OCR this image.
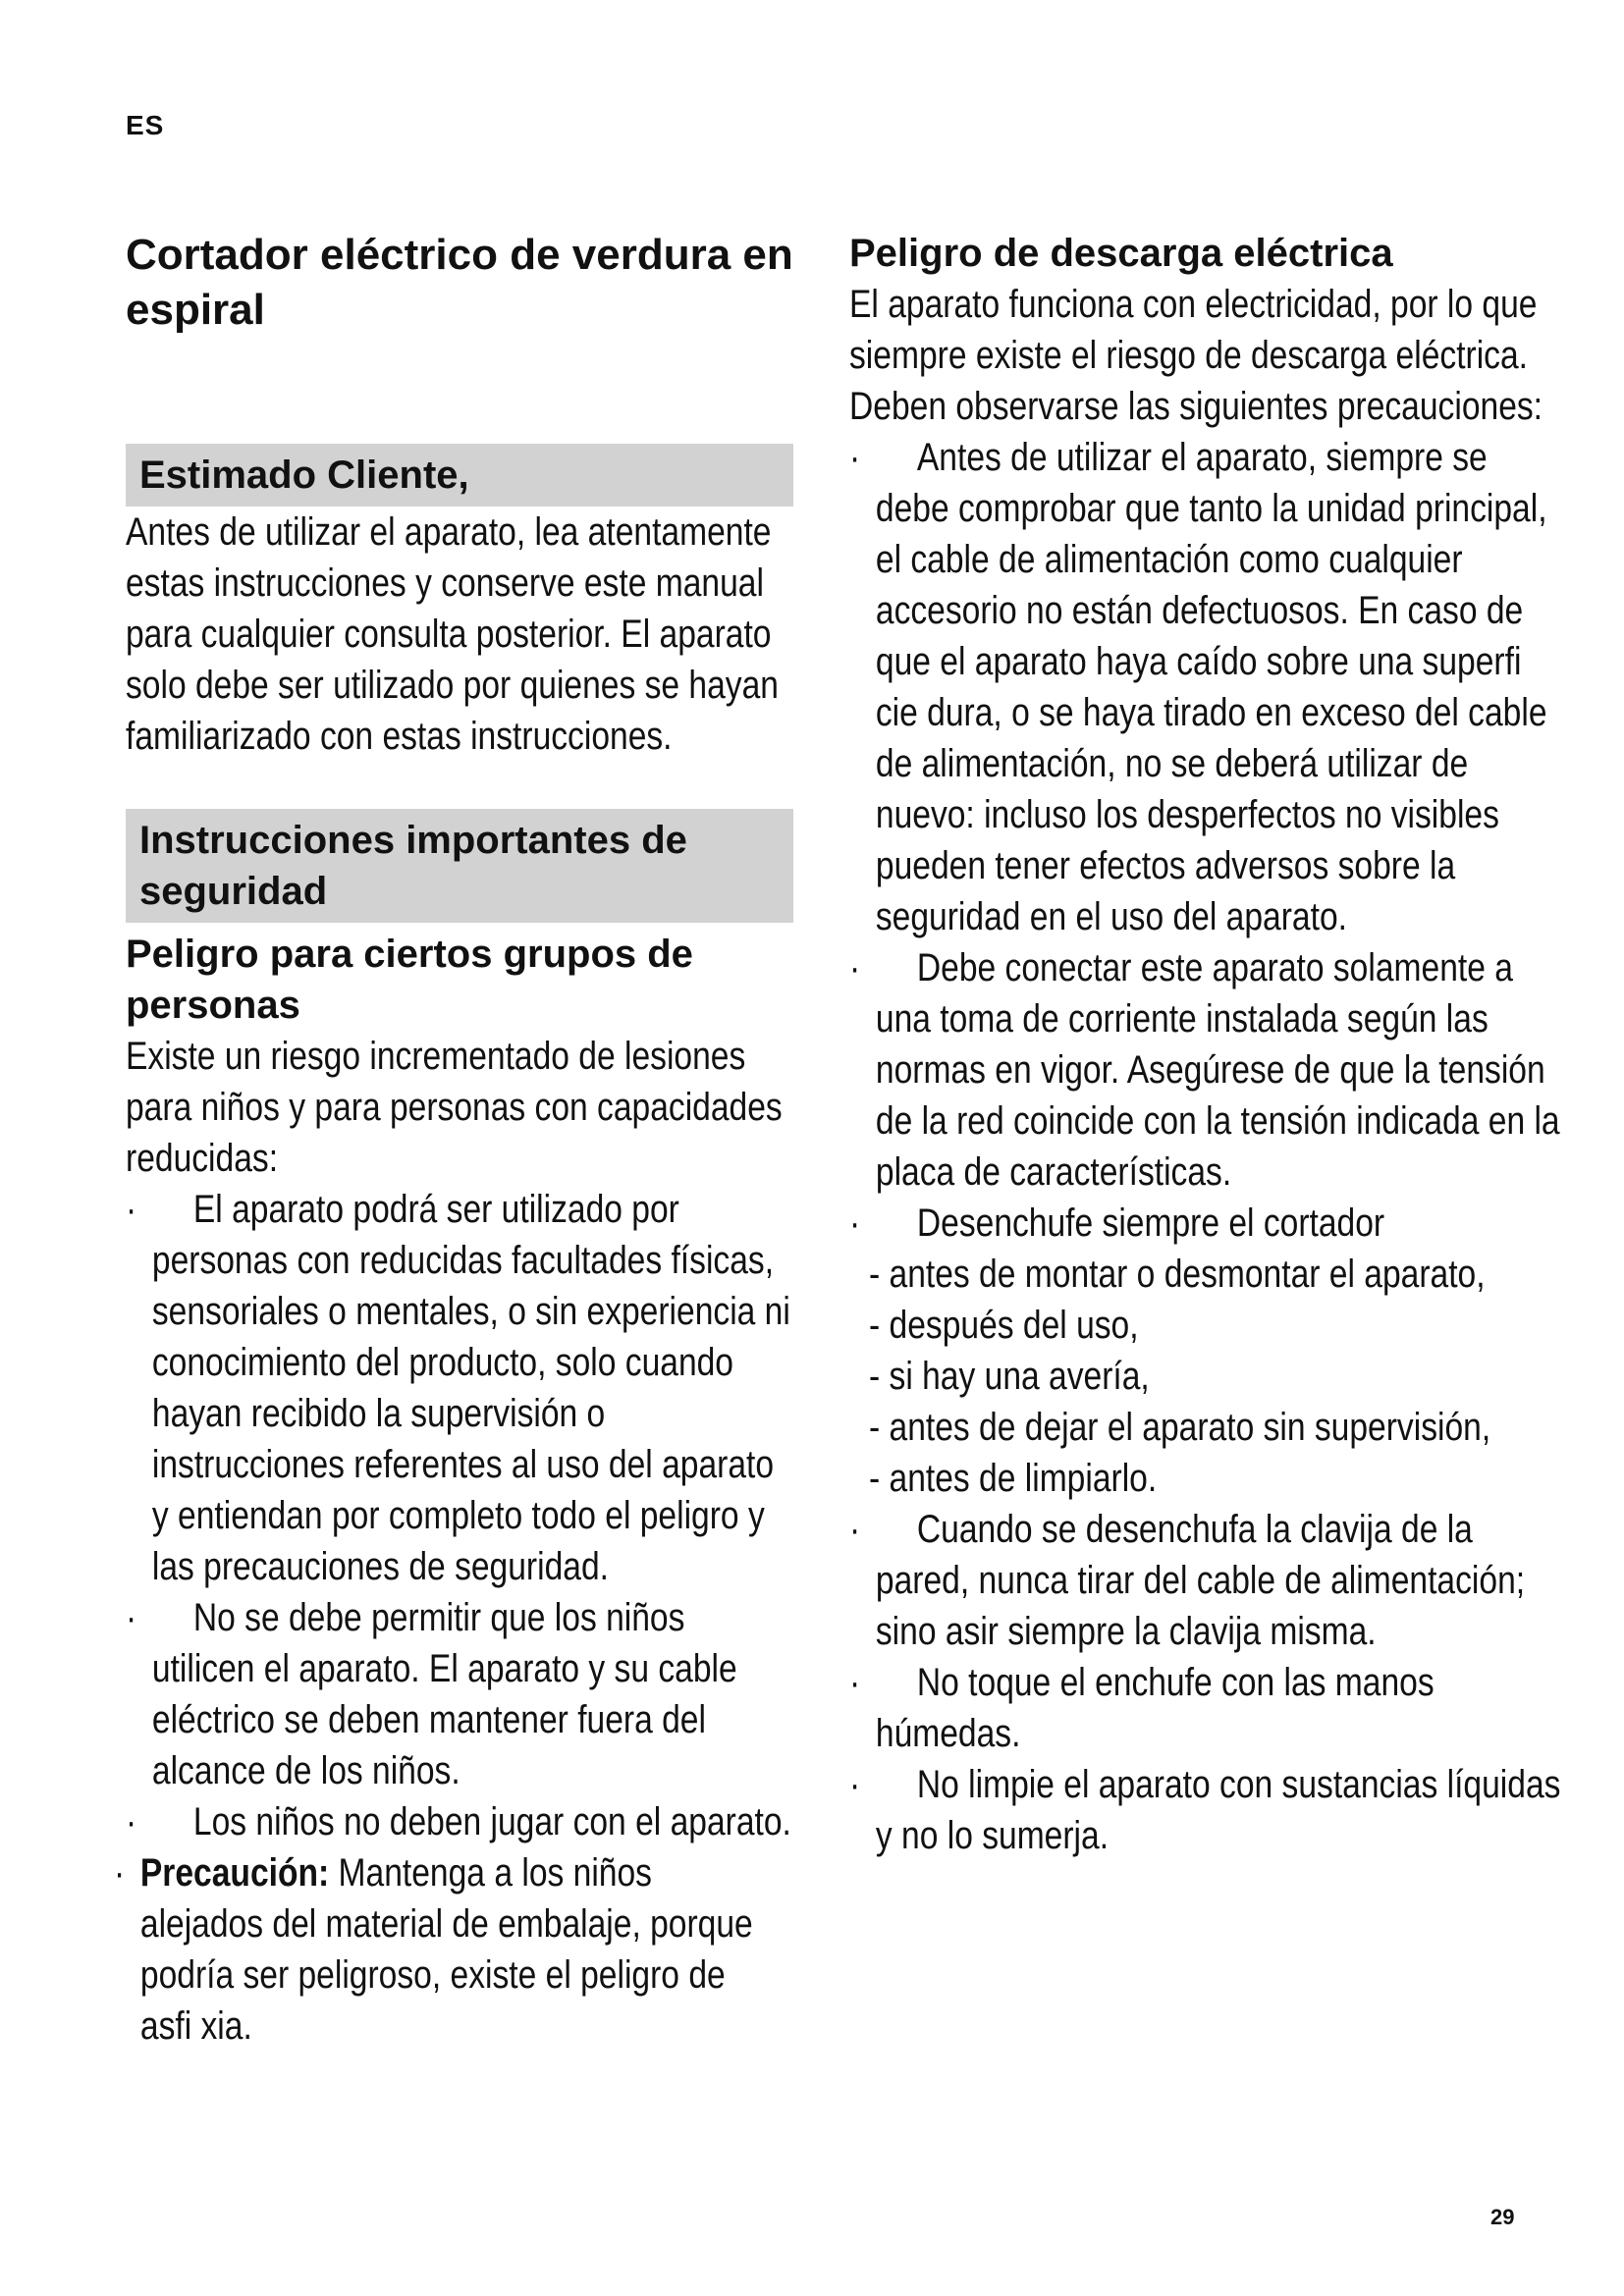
ES
Cortador eléctrico de verdura en espiral
Estimado Cliente,

Antes de utilizar el aparato, lea atentamente estas instrucciones y conserve este manual para cualquier consulta posterior. El aparato solo debe ser utilizado por quienes se hayan familiarizado con estas instrucciones.

Instrucciones importantes de seguridad
Peligro para ciertos grupos de personas

Existe un riesgo incrementado de lesiones para niños y para personas con capacidades reducidas:

·	El aparato podrá ser utilizado por personas con reducidas facultades físicas, sensoriales o mentales, o sin experiencia ni conocimiento del producto, solo cuando hayan recibido la supervisión o instrucciones referentes al uso del aparato y entiendan por completo todo el peligro y las precauciones de seguridad.
·	No se debe permitir que los niños utilicen el aparato. El aparato y su cable eléctrico se deben mantener fuera del alcance de los niños.
·	Los niños no deben jugar con el aparato.
· Precaución: Mantenga a los niños alejados del material de embalaje, porque podría ser peligroso, existe el peligro de asfi xia.
Peligro de descarga eléctrica

El aparato funciona con electricidad, por lo que siempre existe el riesgo de descarga eléctrica. Deben observarse las siguientes precauciones:

·	Antes de utilizar el aparato, siempre se debe comprobar que tanto la unidad principal, el cable de alimentación como cualquier accesorio no están defectuosos. En caso de que el aparato haya caído sobre una superfi cie dura, o se haya tirado en exceso del cable de alimentación, no se deberá utilizar de nuevo: incluso los desperfectos no visibles pueden tener efectos adversos sobre la seguridad en el uso del aparato.
·	Debe conectar este aparato solamente a una toma de corriente instalada según las normas en vigor. Asegúrese de que la tensión de la red coincide con la tensión indicada en la placa de características.
·	Desenchufe siempre el cortador
- antes de montar o desmontar el aparato,
- después del uso,
- si hay una avería,
- antes de dejar el aparato sin supervisión,
- antes de limpiarlo.
·	Cuando se desenchufa la clavija de la pared, nunca tirar del cable de alimentación; sino asir siempre la clavija misma.
·	No toque el enchufe con las manos húmedas.
·	No limpie el aparato con sustancias líquidas y no lo sumerja.
29
